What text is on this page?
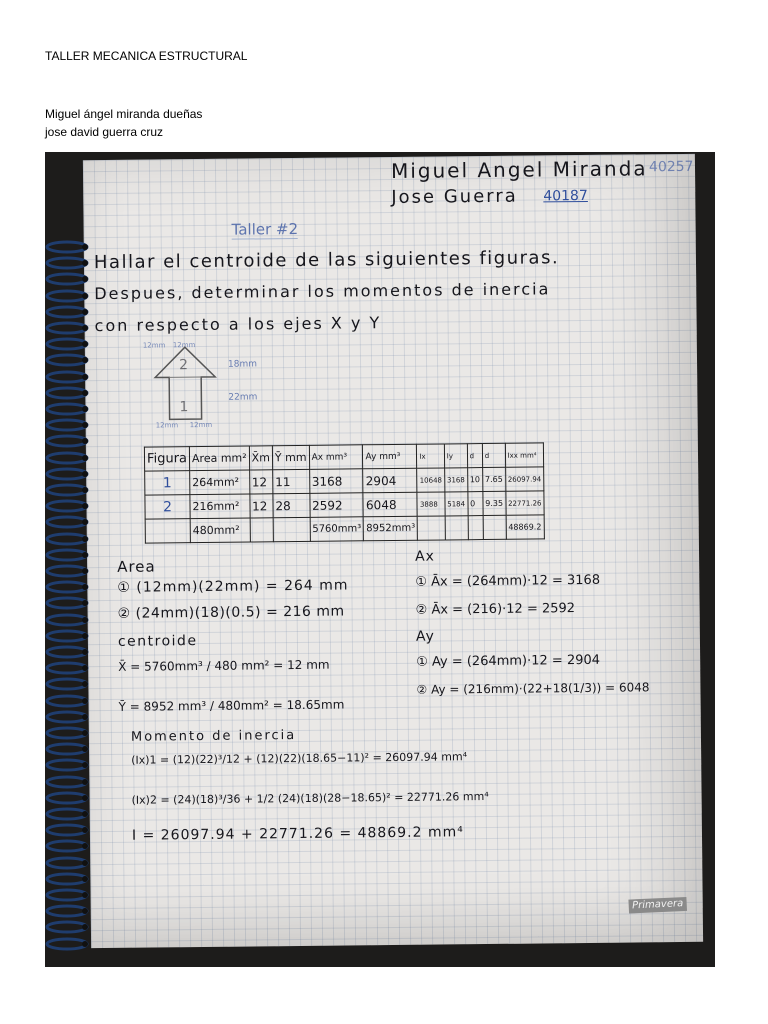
TALLER MECANICA ESTRUCTURAL
Miguel ángel miranda dueñas
jose david guerra cruz
Miguel Angel Miranda 40257
Jose Guerra 40187
Taller #2
Hallar el centroide de las siguientes figuras.
Despues, determinar los momentos de inercia
con respecto a los ejes X y Y
12mm 12mm
2	18mm
1
22mm
12mm 12mm
Figura	Area mm²	X̄m	Ȳ mm	Ax mm³	Ay mm³	Ix	Iy	d	d	Ixx mm⁴
1	264mm²	12	11	3168	2904	10648	3168	10	7.65	26097.94
2	216mm²	12	28	2592	6048	3888	5184	0	9.35	22771.26
	480mm²			5760mm³	8952mm³					48869.2
Area
① (12mm)(22mm) = 264 mm
② (24mm)(18)(0.5) = 216 mm
centroide
X̄ = 5760mm³ / 480 mm² = 12 mm
Ȳ = 8952 mm³ / 480mm² = 18.65mm
Ax
① Āx = (264mm)·12 = 3168
② Āx = (216)·12 = 2592
Ay
① Ay = (264mm)·12 = 2904
② Ay = (216mm)·(22+18(1/3)) = 6048
Momento de inercia
(Ix)1 = (12)(22)³/12 + (12)(22)(18.65−11)² = 26097.94 mm⁴
(Ix)2 = (24)(18)³/36 + 1/2 (24)(18)(28−18.65)² = 22771.26 mm⁴
I = 26097.94 + 22771.26 = 48869.2 mm⁴
Primavera
